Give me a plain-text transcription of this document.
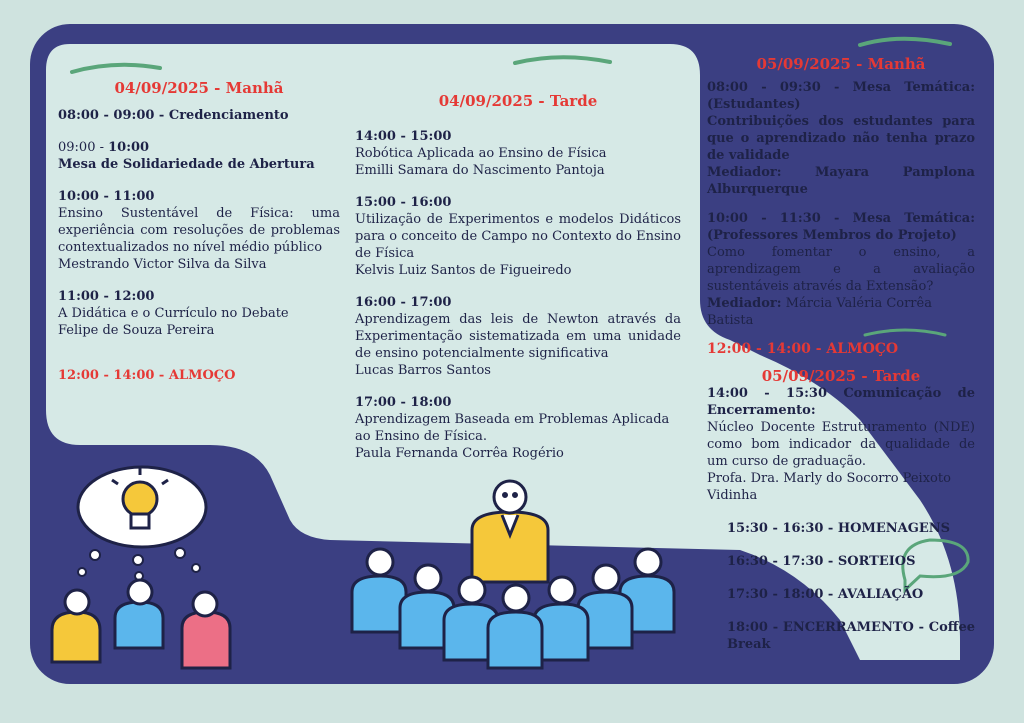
04/09/2025 - Manhã

08:00 - 09:00 - Credenciamento

09:00 - 10:00

Mesa de Solidariedade de Abertura

10:00 - 11:00

Ensino Sustentável de Física: uma experiência com resoluções de problemas contextualizados no nível médio público

Mestrando Victor Silva da Silva

11:00 - 12:00

A Didática e o Currículo no Debate

Felipe de Souza Pereira

12:00 - 14:00 - ALMOÇO

04/09/2025 - Tarde

14:00 - 15:00

Robótica Aplicada ao Ensino de Física

Emilli Samara do Nascimento Pantoja

15:00 - 16:00

Utilização de Experimentos e modelos Didáticos para o conceito de Campo no Contexto do Ensino de Física

Kelvis Luiz Santos de Figueiredo

16:00 - 17:00

Aprendizagem das leis de Newton através da Experimentação sistematizada em uma unidade de ensino potencialmente significativa

Lucas Barros Santos

17:00 - 18:00

Aprendizagem Baseada em Problemas Aplicada ao Ensino de Física.

Paula Fernanda Corrêa Rogério

05/09/2025 - Manhã

08:00 - 09:30 - Mesa Temática: (Estudantes)

Contribuições dos estudantes para que o aprendizado não tenha prazo de validade

Mediador:	Mayara Pamplona Alburquerque

10:00 - 11:30 - Mesa Temática: (Professores Membros do Projeto)

Como fomentar o ensino, a aprendizagem e a avaliação sustentáveis através da Extensão?

Mediador: Márcia Valéria Corrêa Batista

12:00 - 14:00 - ALMOÇO

05/09/2025 - Tarde

14:00 - 15:30 Comunicação de Encerramento:

Núcleo Docente Estruturamento (NDE) como bom indicador da qualidade de um curso de graduação.

Profa. Dra. Marly do Socorro Peixoto Vidinha

15:30 - 16:30 - HOMENAGENS

16:30 - 17:30 - SORTEIOS

17:30 - 18:00 - AVALIAÇÃO

18:00 - ENCERRAMENTO - Coffee Break
